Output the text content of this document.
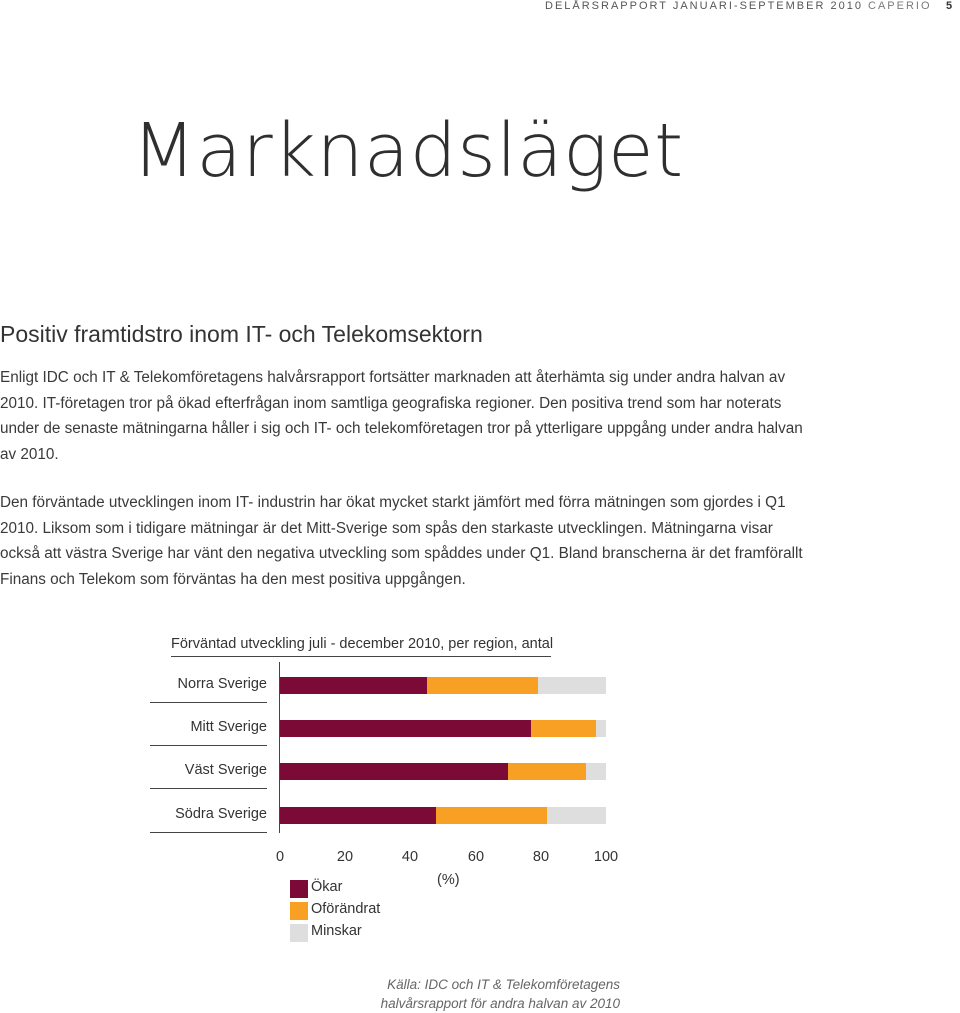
DELÅRSRAPPORT JANUARI-SEPTEMBER 2010 CAPERIO	5
Marknadsläget
Positiv framtidstro inom IT- och Telekomsektorn

Enligt IDC och IT & Telekomföretagens halvårsrapport fortsätter marknaden att återhämta sig under andra halvan av 2010. IT-företagen tror på ökad efterfrågan inom samtliga geografiska regioner. Den positiva trend som har noterats under de senaste mätningarna håller i sig och IT- och telekomföretagen tror på ytterligare uppgång under andra halvan av 2010.

Den förväntade utvecklingen inom IT- industrin har ökat mycket starkt jämfört med förra mätningen som gjordes i Q1 2010. Liksom som i tidigare mätningar är det Mitt-Sverige som spås den starkaste utvecklingen. Mätningarna visar också att västra Sverige har vänt den negativa utveckling som spåddes under Q1. Bland branscherna är det framförallt Finans och Telekom som förväntas ha den mest positiva uppgången.

Förväntad utveckling juli - december 2010, per region, antal
Norra Sverige
Mitt Sverige
Väst Sverige
Södra Sverige
0	20	40	60	80	100
(%)
Ökar
Oförändrat
Minskar
Källa: IDC och IT & Telekomföretagens halvårsrapport för andra halvan av 2010
